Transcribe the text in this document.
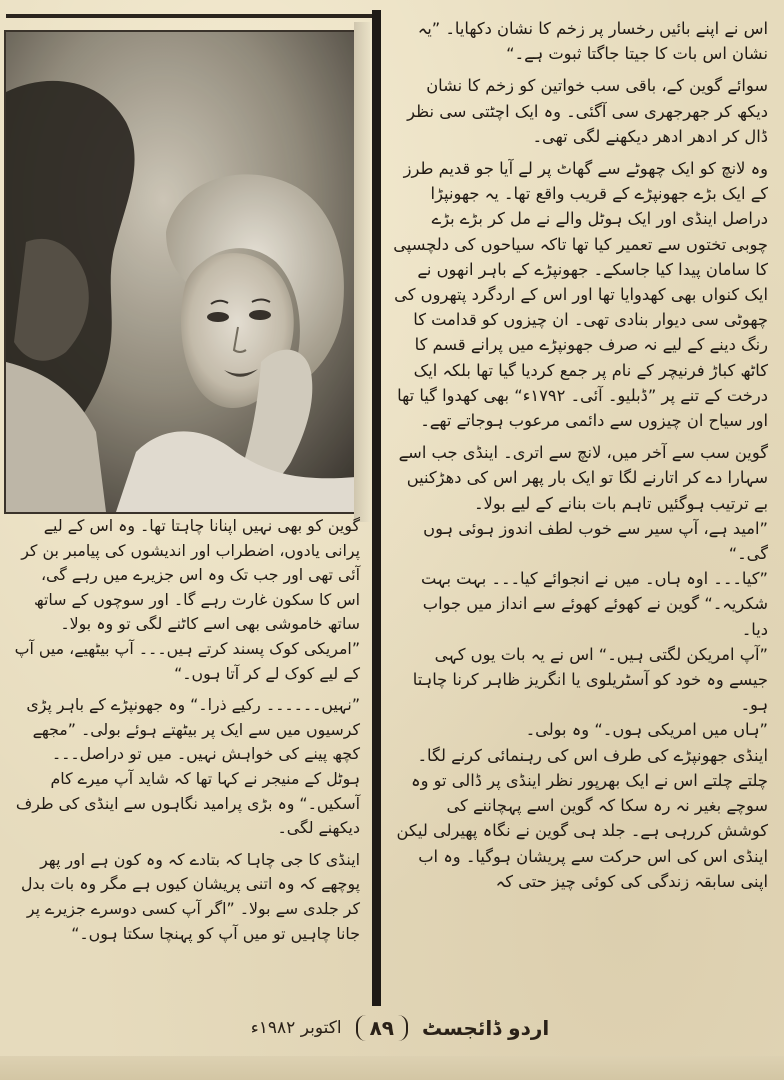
اس نے اپنے بائیں رخسار پر زخم کا نشان دکھایا۔ ”یہ نشان اس بات کا جیتا جاگتا ثبوت ہے۔“

سوائے گوین کے، باقی سب خواتین کو زخم کا نشان دیکھ کر جھرجھری سی آگئی۔ وہ ایک اچٹتی سی نظر ڈال کر ادھر ادھر دیکھنے لگی تھی۔

وہ لانچ کو ایک چھوٹے سے گھاٹ پر لے آیا جو قدیم طرز کے ایک بڑے جھونپڑے کے قریب واقع تھا۔ یہ جھونپڑا دراصل اینڈی اور ایک ہوٹل والے نے مل کر بڑے بڑے چوبی تختوں سے تعمیر کیا تھا تاکہ سیاحوں کی دلچسپی کا سامان پیدا کیا جاسکے۔ جھونپڑے کے باہر انھوں نے ایک کنواں بھی کھدوایا تھا اور اس کے اردگرد پتھروں کی چھوٹی سی دیوار بنادی تھی۔ ان چیزوں کو قدامت کا رنگ دینے کے لیے نہ صرف جھونپڑے میں پرانے قسم کا کاٹھ کباڑ فرنیچر کے نام پر جمع کردیا گیا تھا بلکہ ایک درخت کے تنے پر ”ڈبلیو۔ آئی۔ ۱۷۹۲ء“ بھی کھدوا گیا تھا اور سیاح ان چیزوں سے دائمی مرعوب ہوجاتے تھے۔

گوین سب سے آخر میں، لانچ سے اتری۔ اینڈی جب اسے سہارا دے کر اتارنے لگا تو ایک بار پھر اس کی دھڑکنیں بے ترتیب ہوگئیں تاہم بات بنانے کے لیے بولا۔

”امید ہے، آپ سیر سے خوب لطف اندوز ہوئی ہوں گی۔“

”کیا۔۔۔ اوہ ہاں۔ میں نے انجوائے کیا۔۔۔ بہت بہت شکریہ۔“ گوین نے کھوئے کھوئے سے انداز میں جواب دیا۔

”آپ امریکن لگتی ہیں۔“ اس نے یہ بات یوں کہی جیسے وہ خود کو آسٹریلوی یا انگریز ظاہر کرنا چاہتا ہو۔

”ہاں میں امریکی ہوں۔“ وہ بولی۔

اینڈی جھونپڑے کی طرف اس کی رہنمائی کرنے لگا۔ چلتے چلتے اس نے ایک بھرپور نظر اینڈی پر ڈالی تو وہ سوچے بغیر نہ رہ سکا کہ گوین اسے پہچاننے کی کوشش کررہی ہے۔ جلد ہی گوین نے نگاہ پھیرلی لیکن اینڈی اس کی اس حرکت سے پریشان ہوگیا۔ وہ اب اپنی سابقہ زندگی کی کوئی چیز حتی کہ

گوین کو بھی نہیں اپنانا چاہتا تھا۔ وہ اس کے لیے پرانی یادوں، اضطراب اور اندیشوں کی پیامبر بن کر آئی تھی اور جب تک وہ اس جزیرے میں رہے گی، اس کا سکون غارت رہے گا۔ اور سوچوں کے ساتھ ساتھ خاموشی بھی اسے کاٹنے لگی تو وہ بولا۔ ”امریکی کوک پسند کرتے ہیں۔۔۔ آپ بیٹھیے، میں آپ کے لیے کوک لے کر آتا ہوں۔“

”نہیں۔۔۔۔۔۔ رکیے ذرا۔“ وہ جھونپڑے کے باہر پڑی کرسیوں میں سے ایک پر بیٹھتے ہوئے بولی۔ ”مجھے کچھ پینے کی خواہش نہیں۔ میں تو دراصل۔۔۔ ہوٹل کے منیجر نے کہا تھا کہ شاید آپ میرے کام آسکیں۔“ وہ بڑی پرامید نگاہوں سے اینڈی کی طرف دیکھنے لگی۔

اینڈی کا جی چاہا کہ بتادے کہ وہ کون ہے اور پھر پوچھے کہ وہ اتنی پریشان کیوں ہے مگر وہ بات بدل کر جلدی سے بولا۔ ”اگر آپ کسی دوسرے جزیرے پر جانا چاہیں تو میں آپ کو پہنچا سکتا ہوں۔“

اردو ڈائجسٹ
۸۹
اکتوبر ۱۹۸۲ء
